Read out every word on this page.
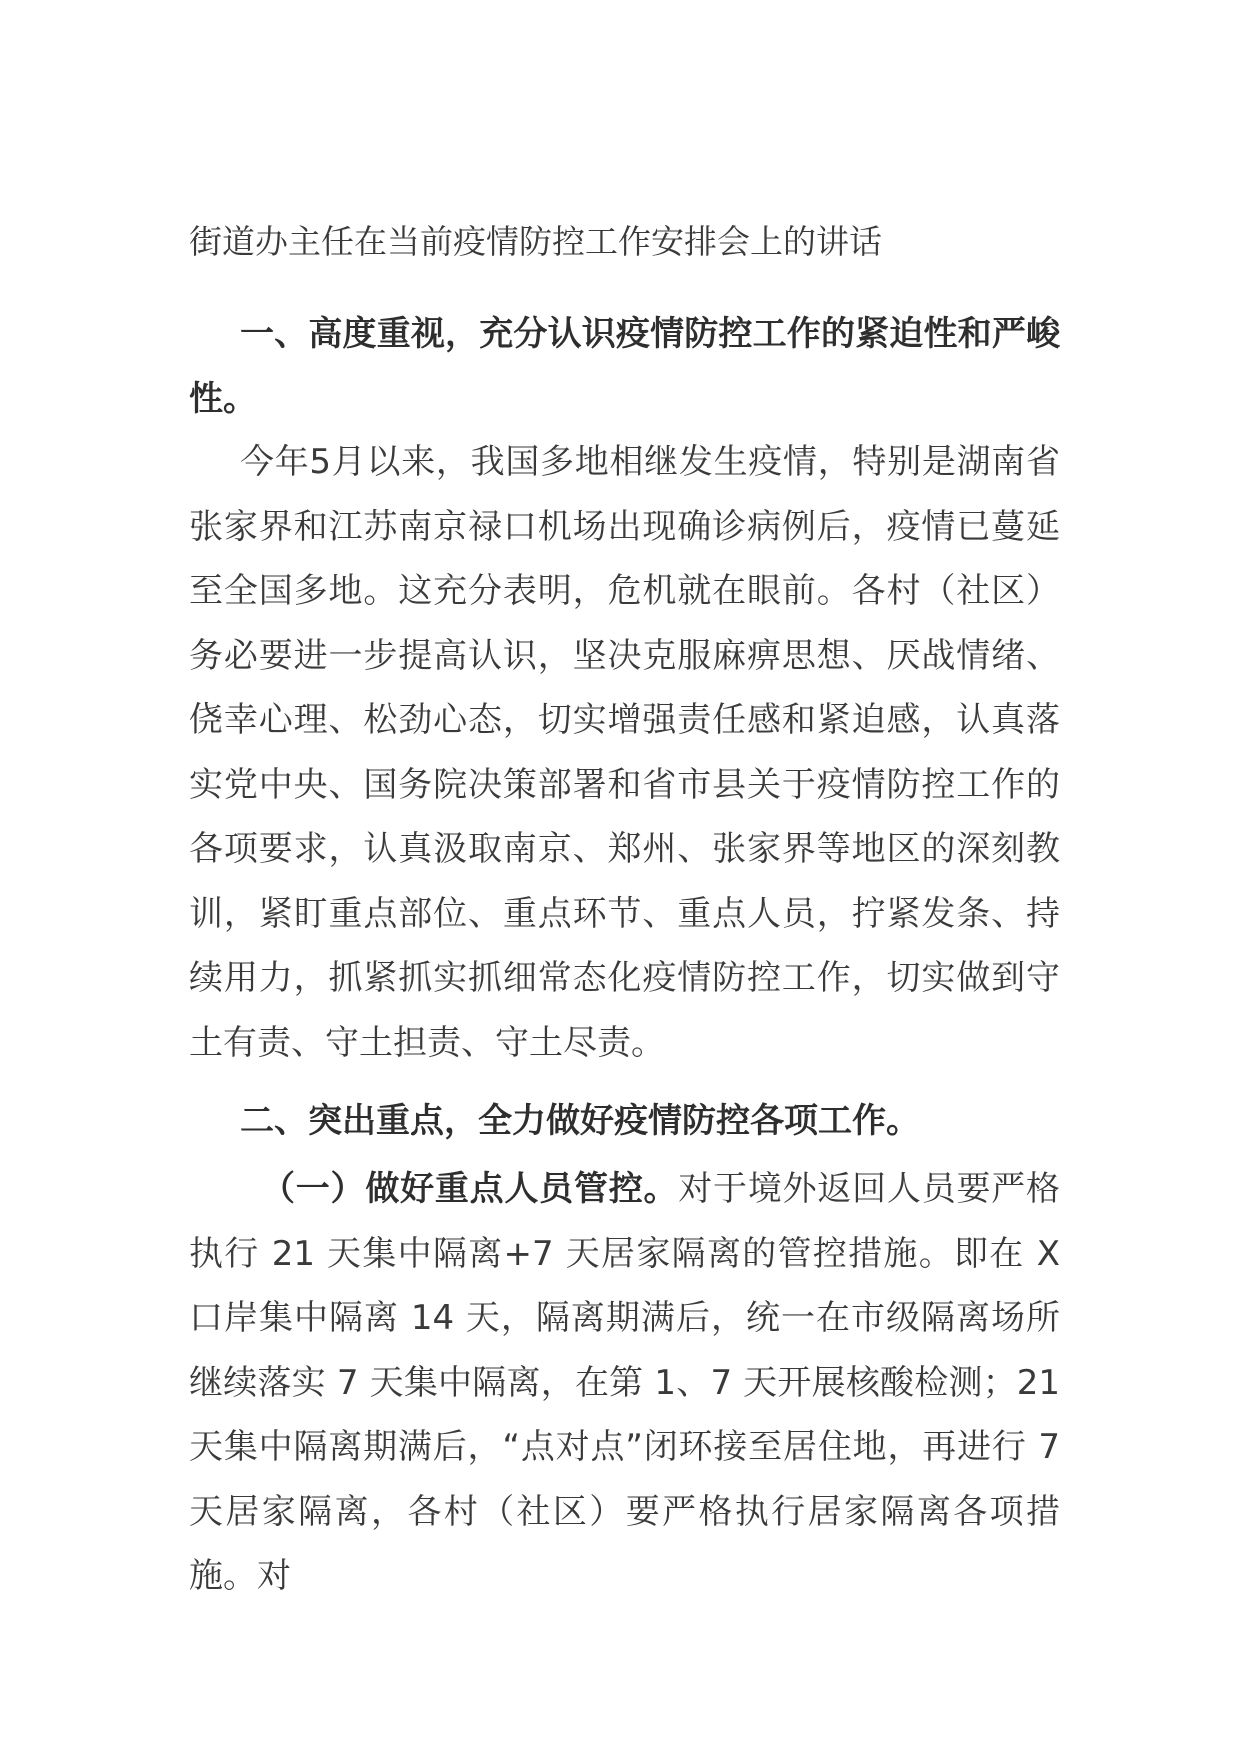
街道办主任在当前疫情防控工作安排会上的讲话
一、高度重视，充分认识疫情防控工作的紧迫性和严峻性。
今年5月以来，我国多地相继发生疫情，特别是湖南省张家界和江苏南京禄口机场出现确诊病例后，疫情已蔓延至全国多地。这充分表明，危机就在眼前。各村（社区）务必要进一步提高认识，坚决克服麻痹思想、厌战情绪、侥幸心理、松劲心态，切实增强责任感和紧迫感，认真落实党中央、国务院决策部署和省市县关于疫情防控工作的各项要求，认真汲取南京、郑州、张家界等地区的深刻教训，紧盯重点部位、重点环节、重点人员，拧紧发条、持续用力，抓紧抓实抓细常态化疫情防控工作，切实做到守土有责、守土担责、守土尽责。
二、突出重点，全力做好疫情防控各项工作。
（一）做好重点人员管控。对于境外返回人员要严格执行 21 天集中隔离+7 天居家隔离的管控措施。即在 X 口岸集中隔离 14 天，隔离期满后，统一在市级隔离场所继续落实 7 天集中隔离，在第 1、7 天开展核酸检测；21 天集中隔离期满后，“点对点”闭环接至居住地，再进行 7 天居家隔离，各村（社区）要严格执行居家隔离各项措施。对
